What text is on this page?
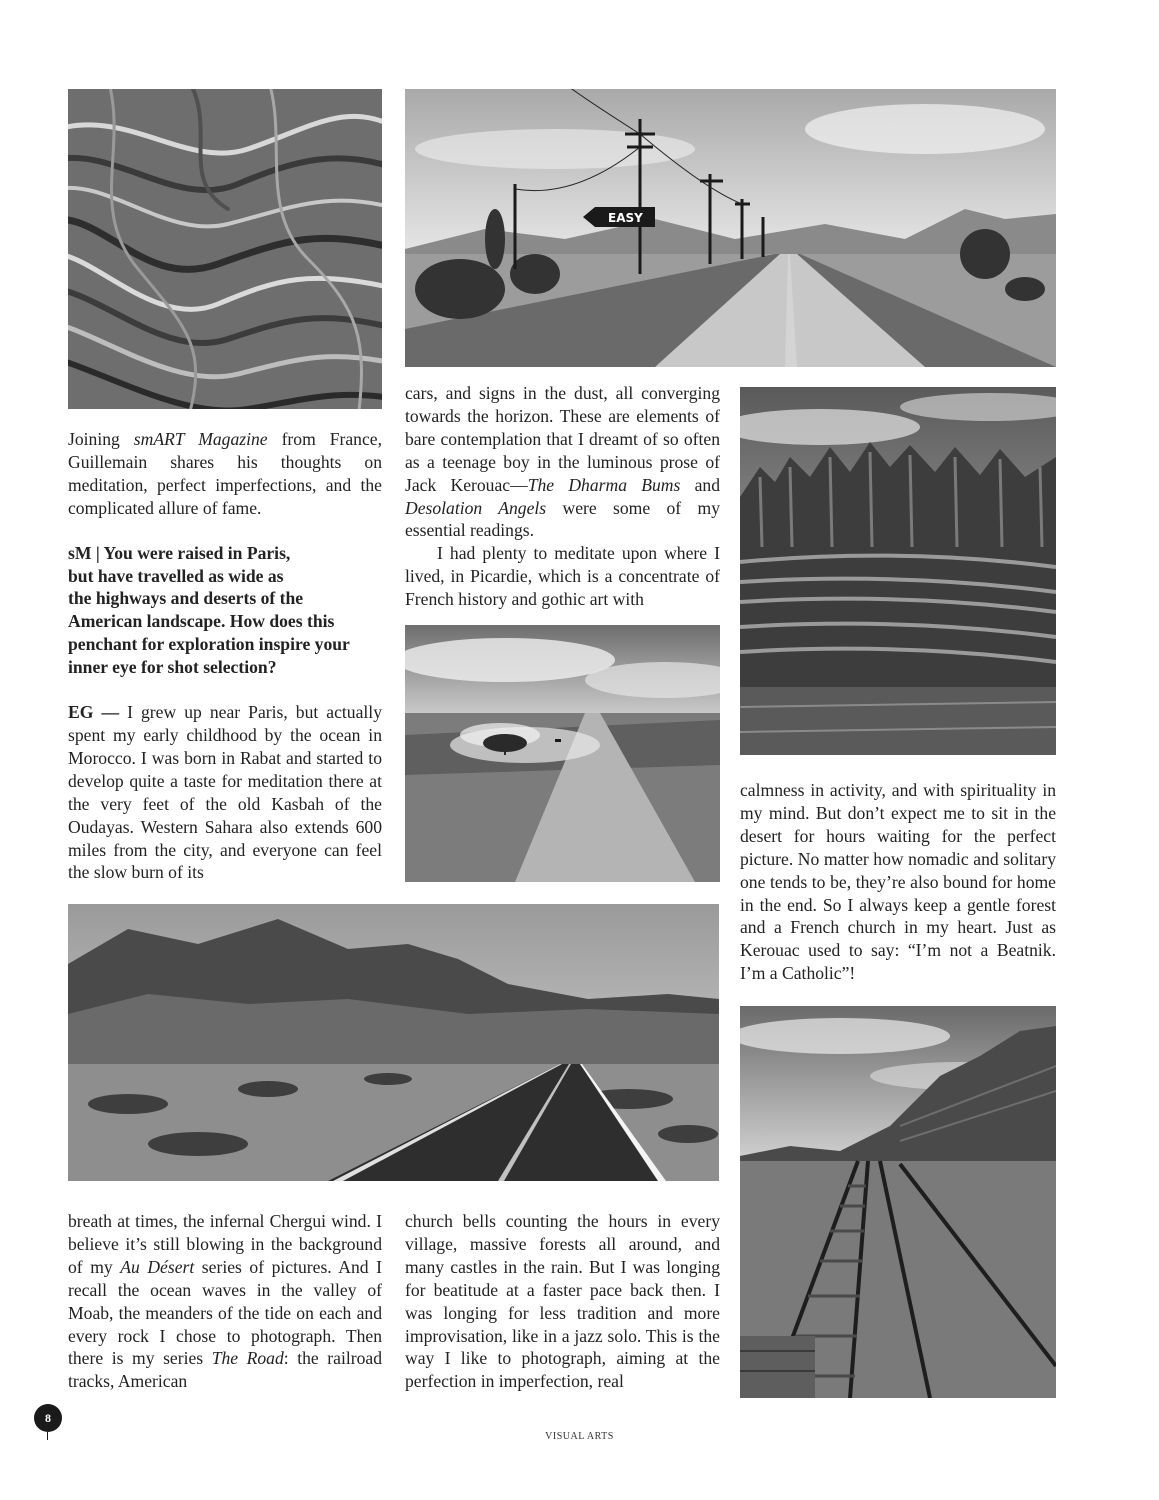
EASY

Joining smART Magazine from France, Guillemain shares his thoughts on meditation, perfect imperfections, and the complicated allure of fame.

sM | You were raised in Paris,
but have travelled as wide as
the highways and deserts of the
American landscape. How does this
penchant for exploration inspire your
inner eye for shot selection?

EG — I grew up near Paris, but actually spent my early childhood by the ocean in Morocco. I was born in Rabat and started to develop quite a taste for meditation there at the very feet of the old Kasbah of the Oudayas. Western Sahara also extends 600 miles from the city, and everyone can feel the slow burn of its

cars, and signs in the dust, all converging towards the horizon. These are elements of bare contemplation that I dreamt of so often as a teenage boy in the luminous prose of Jack Kerouac—The Dharma Bums and Desolation Angels were some of my essential readings.

I had plenty to meditate upon where I lived, in Picardie, which is a concentrate of French history and gothic art with

calmness in activity, and with spirituality in my mind. But don’t expect me to sit in the desert for hours waiting for the perfect picture. No matter how nomadic and solitary one tends to be, they’re also bound for home in the end. So I always keep a gentle forest and a French church in my heart. Just as Kerouac used to say: “I’m not a Beatnik. I’m a Catholic”!

breath at times, the infernal Chergui wind. I believe it’s still blowing in the background of my Au Désert series of pictures. And I recall the ocean waves in the valley of Moab, the meanders of the tide on each and every rock I chose to photograph. Then there is my series The Road: the railroad tracks, American

church bells counting the hours in every village, massive forests all around, and many castles in the rain. But I was longing for beatitude at a faster pace back then. I was longing for less tradition and more improvisation, like in a jazz solo. This is the way I like to photograph, aiming at the perfection in imperfection, real

VISUAL ARTS
8
